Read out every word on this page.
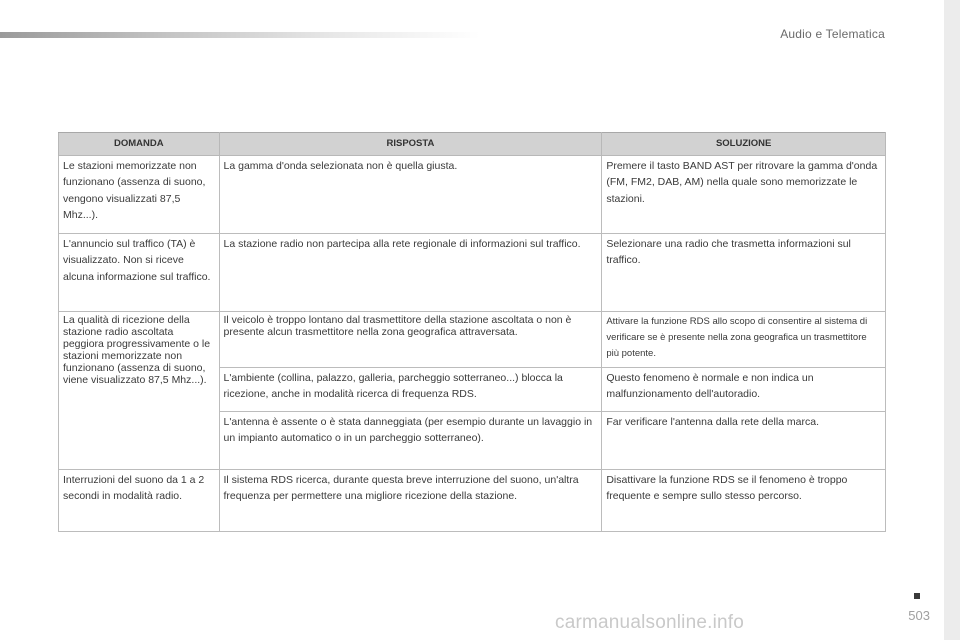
Audio e Telematica
DOMANDA	RISPOSTA	SOLUZIONE
Le stazioni memorizzate non funzionano (assenza di suono, vengono visualizzati 87,5 Mhz...).	La gamma d'onda selezionata non è quella giusta.	Premere il tasto BAND AST per ritrovare la gamma d'onda (FM, FM2, DAB, AM) nella quale sono memorizzate le stazioni.
L'annuncio sul traffico (TA) è visualizzato. Non si riceve alcuna informazione sul traffico.	La stazione radio non partecipa alla rete regionale di informazioni sul traffico.	Selezionare una radio che trasmetta informazioni sul traffico.
La qualità di ricezione della stazione radio ascoltata peggiora progressivamente o le stazioni memorizzate non funzionano (assenza di suono, viene visualizzato 87,5 Mhz...).	Il veicolo è troppo lontano dal trasmettitore della stazione ascoltata o non è presente alcun trasmettitore nella zona geografica attraversata.	Attivare la funzione RDS allo scopo di consentire al sistema di verificare se è presente nella zona geografica un trasmettitore più potente.
	L'ambiente (collina, palazzo, galleria, parcheggio sotterraneo...) blocca la ricezione, anche in modalità ricerca di frequenza RDS.	Questo fenomeno è normale e non indica un malfunzionamento dell'autoradio.
	L'antenna è assente o è stata danneggiata (per esempio durante un lavaggio in un impianto automatico o in un parcheggio sotterraneo).	Far verificare l'antenna dalla rete della marca.
Interruzioni del suono da 1 a 2 secondi in modalità radio.	Il sistema RDS ricerca, durante questa breve interruzione del suono, un'altra frequenza per permettere una migliore ricezione della stazione.	Disattivare la funzione RDS se il fenomeno è troppo frequente e sempre sullo stesso percorso.
503
carmanualsonline.info
